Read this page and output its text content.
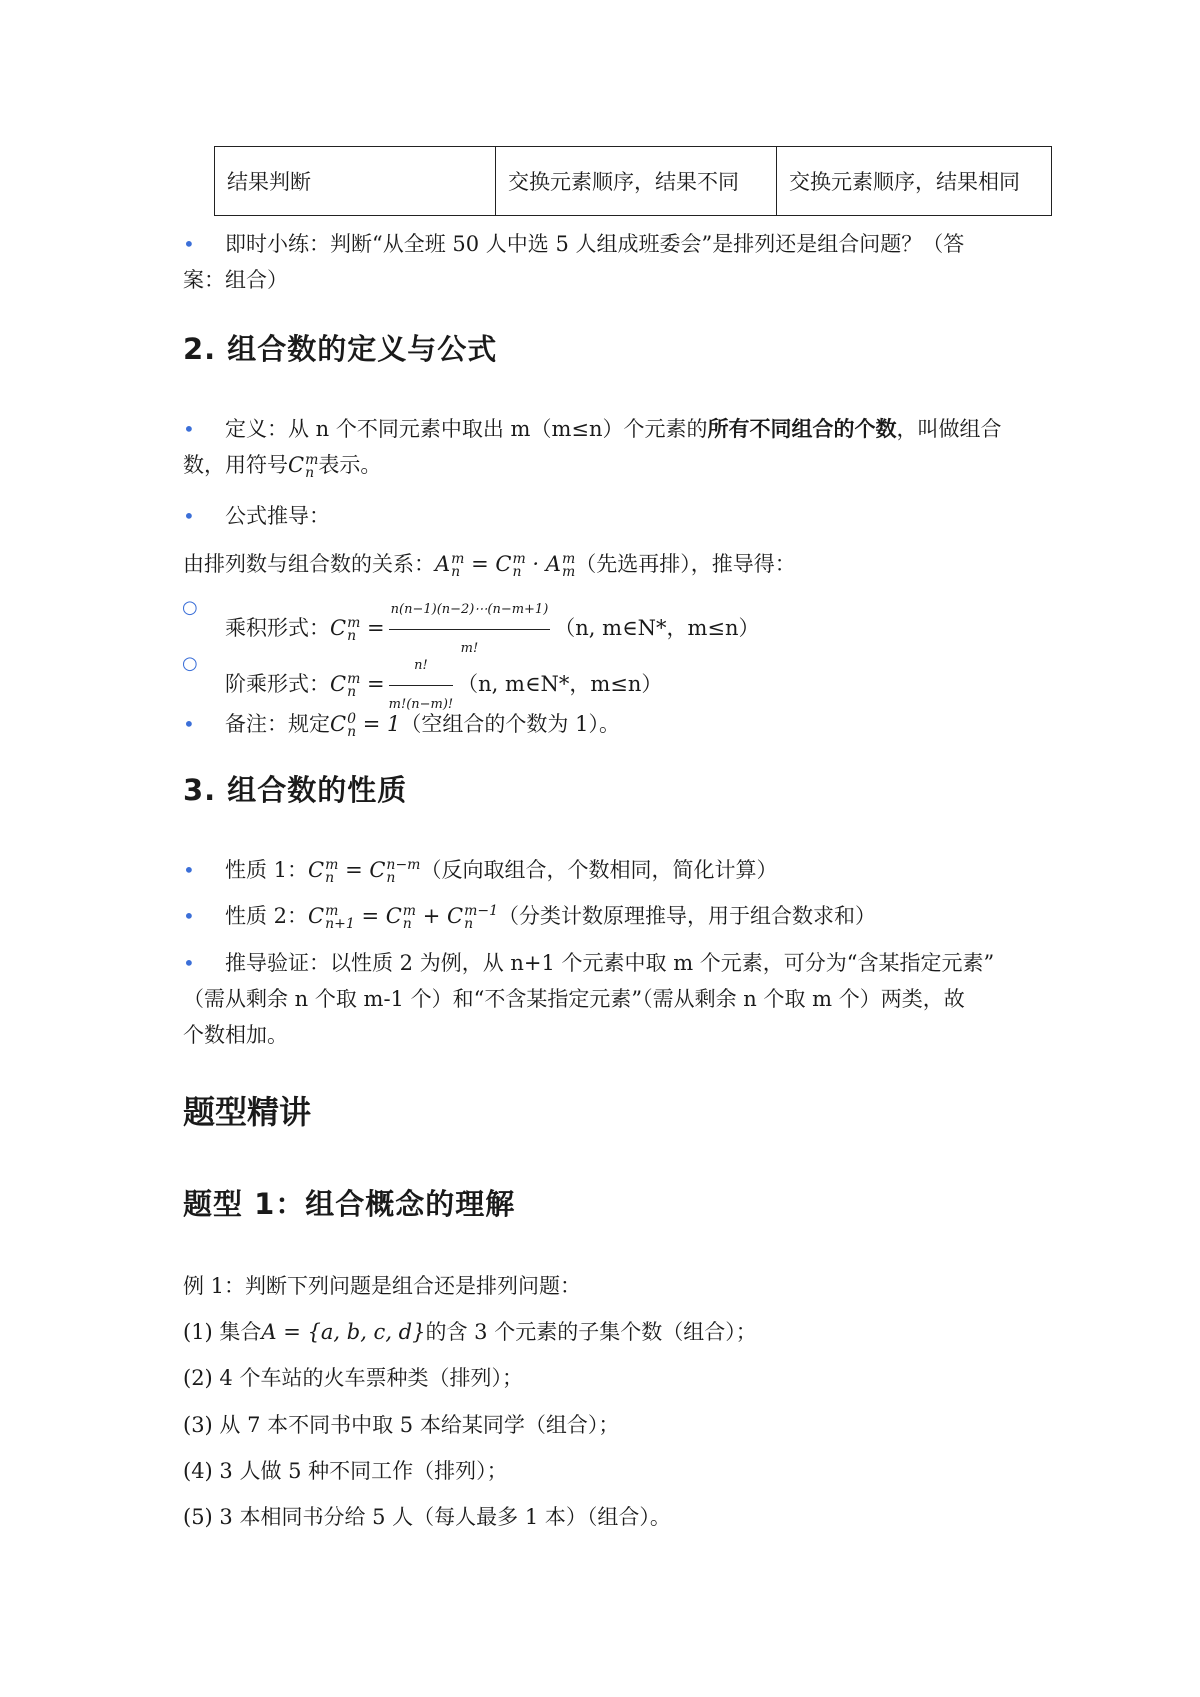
结果判断	交换元素顺序，结果不同	交换元素顺序，结果相同
• 即时小练：判断“从全班 50 人中选 5 人组成班委会”是排列还是组合问题？（答
案：组合）
2. 组合数的定义与公式
• 定义：从 n 个不同元素中取出 m（m≤n）个元素的所有不同组合的个数，叫做组合
数，用符号C m
n 表示。
• 公式推导：
由排列数与组合数的关系：A m
n = C m
n · A m
m （先选再排），推导得：
○
乘积形式：C m
$n = \frac{n(n-1)(n-2)\cdots(n-m+1)}{m!} (n$, m∈N*，m≤n）
○
阶乘形式：C m
$n = \frac{n!}{m!(n-m)!} (n$, m∈N*，m≤n）
• 备注：规定C 0
n = 1（空组合的个数为 1）。
3. 组合数的性质
• 性质 1：C m
n = C n−m
n	（反向取组合，个数相同，简化计算）
• 性质 2：C m
n+1 = C m
n + C m−1
n	（分类计数原理推导，用于组合数求和）
• 推导验证：以性质 2 为例，从 n+1 个元素中取 m 个元素，可分为“含某指定元素”
（需从剩余 n 个取 m-1 个）和“不含某指定元素”（需从剩余 n 个取 m 个）两类，故
个数相加。
题型精讲
题型 1：组合概念的理解
例 1：判断下列问题是组合还是排列问题：
(1) 集合A = {a, b, c, d}的含 3 个元素的子集个数（组合）；
(2) 4 个车站的火车票种类（排列）；
(3) 从 7 本不同书中取 5 本给某同学（组合）；
(4) 3 人做 5 种不同工作（排列）；
(5) 3 本相同书分给 5 人（每人最多 1 本）（组合）。
